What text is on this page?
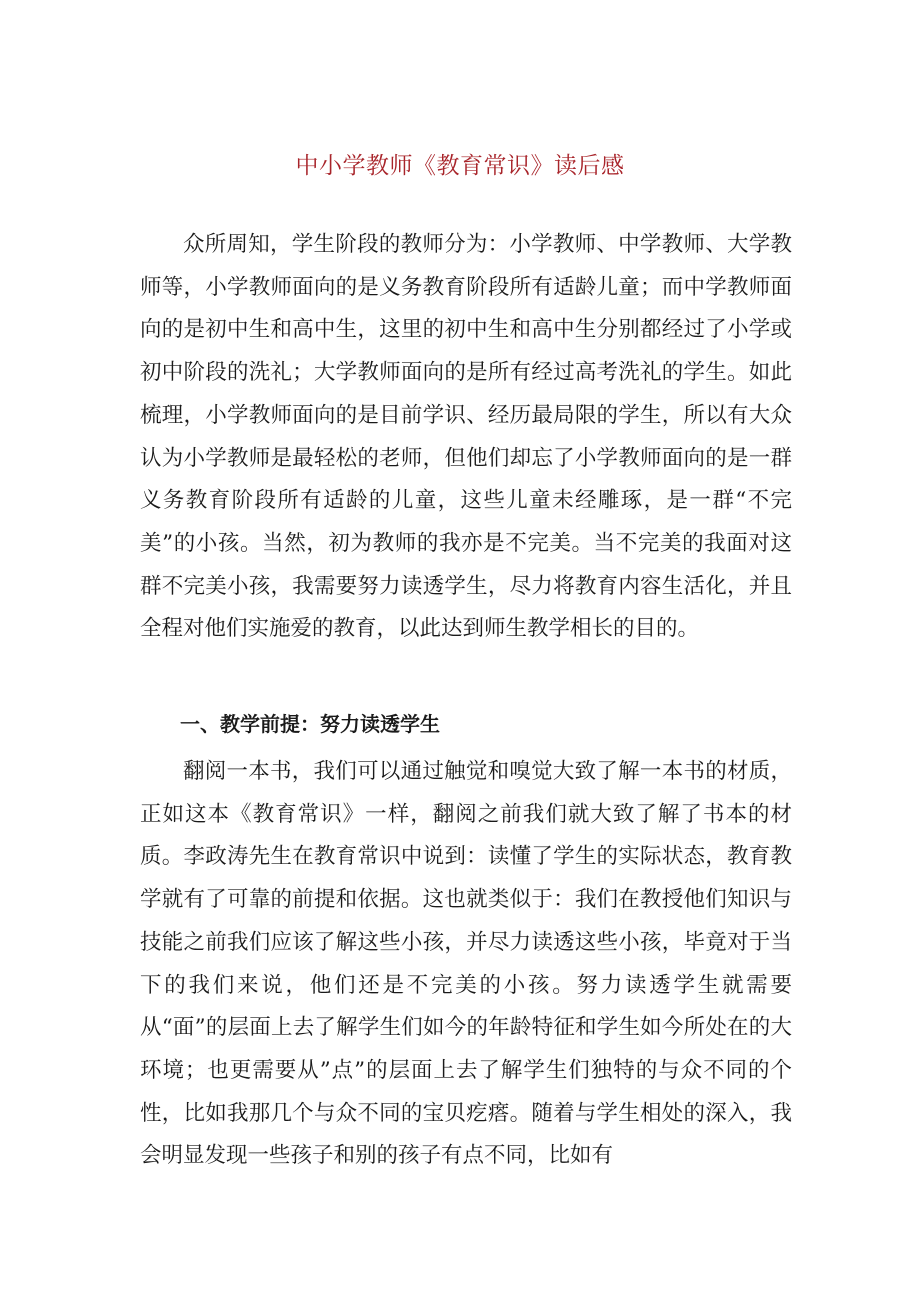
中小学教师《教育常识》读后感

众所周知，学生阶段的教师分为：小学教师、中学教师、大学教师等，小学教师面向的是义务教育阶段所有适龄儿童；而中学教师面向的是初中生和高中生，这里的初中生和高中生分别都经过了小学或初中阶段的洗礼；大学教师面向的是所有经过高考洗礼的学生。如此梳理，小学教师面向的是目前学识、经历最局限的学生，所以有大众认为小学教师是最轻松的老师，但他们却忘了小学教师面向的是一群义务教育阶段所有适龄的儿童，这些儿童未经雕琢，是一群“不完美”的小孩。当然，初为教师的我亦是不完美。当不完美的我面对这群不完美小孩，我需要努力读透学生，尽力将教育内容生活化，并且全程对他们实施爱的教育，以此达到师生教学相长的目的。

一、教学前提：努力读透学生

翻阅一本书，我们可以通过触觉和嗅觉大致了解一本书的材质，正如这本《教育常识》一样，翻阅之前我们就大致了解了书本的材质。李政涛先生在教育常识中说到：读懂了学生的实际状态，教育教学就有了可靠的前提和依据。这也就类似于：我们在教授他们知识与技能之前我们应该了解这些小孩，并尽力读透这些小孩，毕竟对于当下的我们来说，他们还是不完美的小孩。努力读透学生就需要从“面”的层面上去了解学生们如今的年龄特征和学生如今所处在的大环境；也更需要从”点”的层面上去了解学生们独特的与众不同的个性，比如我那几个与众不同的宝贝疙瘩。随着与学生相处的深入，我会明显发现一些孩子和别的孩子有点不同，比如有
